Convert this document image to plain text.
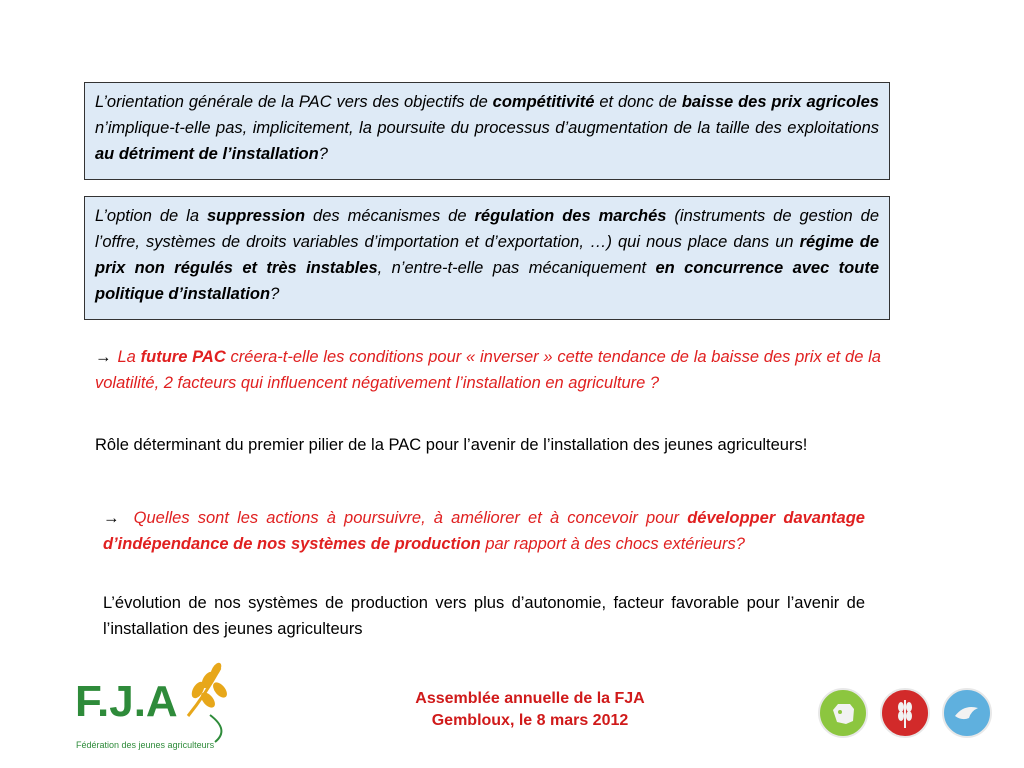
L’orientation générale de la PAC vers des objectifs de compétitivité et donc de baisse des prix agricoles n’implique-t-elle pas, implicitement, la poursuite du processus d’augmentation de la taille des exploitations au détriment de l’installation?
L’option de la suppression des mécanismes de régulation des marchés (instruments de gestion de l’offre, systèmes de droits variables d’importation et d’exportation, …) qui nous place dans un régime de prix non régulés et très instables, n’entre-t-elle pas mécaniquement en concurrence avec toute politique d’installation?
→ La future PAC créera-t-elle les conditions pour « inverser » cette tendance de la baisse des prix et de la volatilité, 2 facteurs qui influencent négativement l’installation en agriculture ?
Rôle déterminant du premier pilier de la PAC pour l’avenir de l’installation des jeunes agriculteurs!
→ Quelles sont les actions à poursuivre, à améliorer et à concevoir pour développer davantage d’indépendance de nos systèmes de production par rapport à des chocs extérieurs?
L’évolution de nos systèmes de production vers plus d’autonomie, facteur favorable pour l’avenir de l’installation des jeunes agriculteurs
F.J.A
Fédération des jeunes agriculteurs
Assemblée annuelle de la FJA
Gembloux, le 8 mars 2012
